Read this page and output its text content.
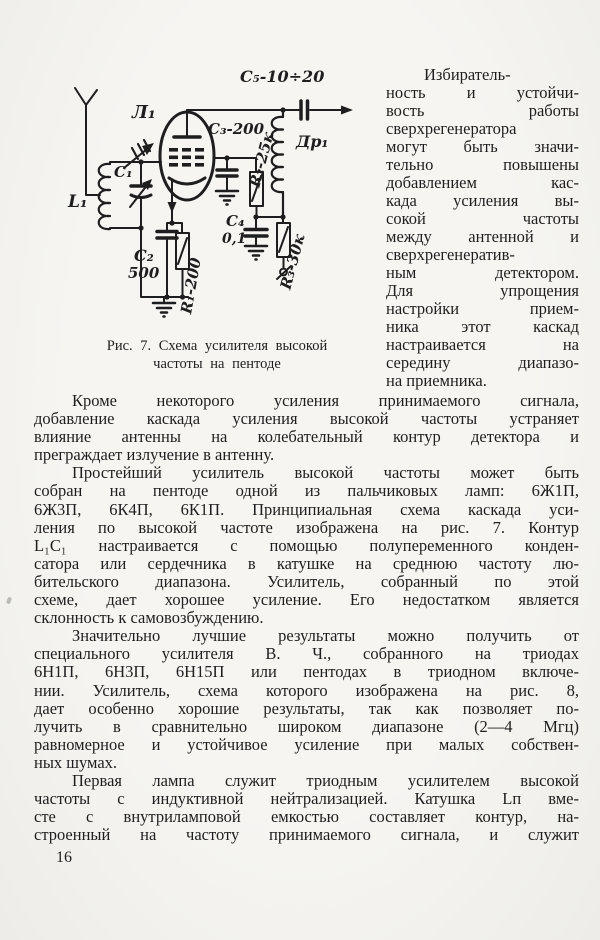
Л₁
C₅-10÷20
C₃-200
R₂-25к Др₁
C₁
L₁
C₂
500 R₁-200
C₄
0,1 R₃-30к
Рис. 7. Схема усилителя высокой
частоты на пентоде
Избиратель-
ность и устойчи-
вость работы
сверхрегенератора
могут быть значи-
тельно повышены
добавлением кас-
када усиления вы-
сокой частоты
между антенной и
сверхрегенератив-
ным детектором.
Для упрощения
настройки прием-
ника этот каскад
настраивается на
середину диапазо-
на приемника.
Кроме некоторого усиления принимаемого сигнала,
добавление каскада усиления высокой частоты устраняет
влияние антенны на колебательный контур детектора и
преграждает излучение в антенну.
Простейший усилитель высокой частоты может быть
собран на пентоде одной из пальчиковых ламп: 6Ж1П,
6Ж3П, 6К4П, 6К1П. Принципиальная схема каскада уси-
ления по высокой частоте изображена на рис. 7. Контур
L₁C₁ настраивается с помощью полупеременного конден-
сатора или сердечника в катушке на среднюю частоту лю-
бительского диапазона. Усилитель, собранный по этой
схеме, дает хорошее усиление. Его недостатком является
склонность к самовозбуждению.
Значительно лучшие результаты можно получить от
специального усилителя В. Ч., собранного на триодах
6Н1П, 6Н3П, 6Н15П или пентодах в триодном включе-
нии. Усилитель, схема которого изображена на рис. 8,
дает особенно хорошие результаты, так как позволяет по-
лучить в сравнительно широком диапазоне (2—4 Мгц)
равномерное и устойчивое усиление при малых собствен-
ных шумах.
Первая лампа служит триодным усилителем высокой
частоты с индуктивной нейтрализацией. Катушка Lп вме-
сте с внутриламповой емкостью составляет контур, на-
строенный на частоту принимаемого сигнала, и служит
16
